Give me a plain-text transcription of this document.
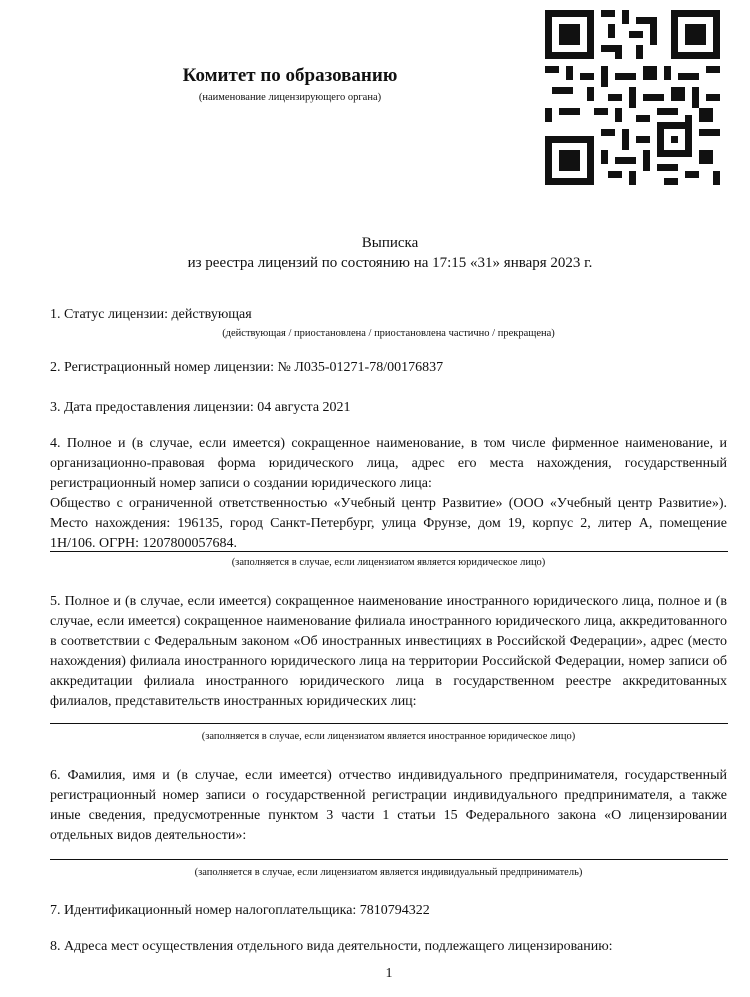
Комитет по образованию
(наименование лицензирующего органа)
Выписка
из реестра лицензий по состоянию на 17:15 «31» января 2023 г.
1. Статус лицензии: действующая
(действующая / приостановлена / приостановлена частично / прекращена)
2. Регистрационный номер лицензии: № Л035-01271-78/00176837
3. Дата предоставления лицензии: 04 августа 2021
4. Полное и (в случае, если имеется) сокращенное наименование, в том числе фирменное наименование, и организационно-правовая форма юридического лица, адрес его места нахождения, государственный регистрационный номер записи о создании юридического лица:
Общество с ограниченной ответственностью «Учебный центр Развитие» (ООО «Учебный центр Развитие»). Место нахождения: 196135, город Санкт-Петербург, улица Фрунзе, дом 19, корпус 2, литер А, помещение 1Н/106. ОГРН: 1207800057684.
(заполняется в случае, если лицензиатом является юридическое лицо)
5. Полное и (в случае, если имеется) сокращенное наименование иностранного юридического лица, полное и (в случае, если имеется) сокращенное наименование филиала иностранного юридического лица, аккредитованного в соответствии с Федеральным законом «Об иностранных инвестициях в Российской Федерации», адрес (место нахождения) филиала иностранного юридического лица на территории Российской Федерации, номер записи об аккредитации филиала иностранного юридического лица в государственном реестре аккредитованных филиалов, представительств иностранных юридических лиц:
(заполняется в случае, если лицензиатом является иностранное юридическое лицо)
6. Фамилия, имя и (в случае, если имеется) отчество индивидуального предпринимателя, государственный регистрационный номер записи о государственной регистрации индивидуального предпринимателя, а также иные сведения, предусмотренные пунктом 3 части 1 статьи 15 Федерального закона «О лицензировании отдельных видов деятельности»:
(заполняется в случае, если лицензиатом является индивидуальный предприниматель)
7. Идентификационный номер налогоплательщика: 7810794322
8. Адреса мест осуществления отдельного вида деятельности, подлежащего лицензированию:
1
